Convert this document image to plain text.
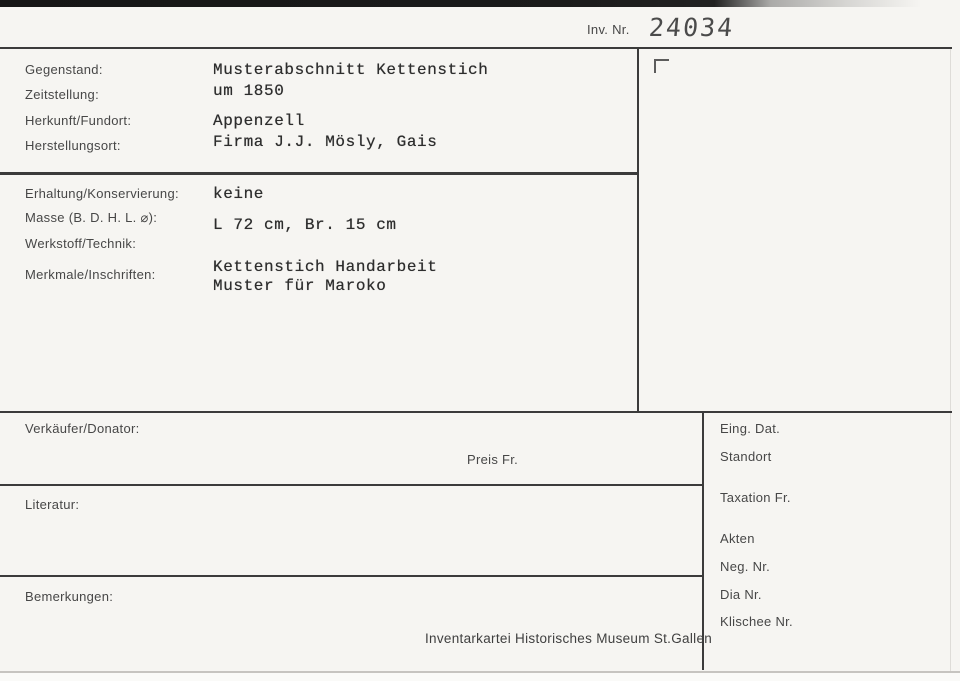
Inv. Nr. 24034
Gegenstand:
Zeitstellung:
Herkunft/Fundort:
Herstellungsort:
Musterabschnitt Kettenstich
um 1850
Appenzell
Firma J.J. Mösly, Gais
Erhaltung/Konservierung:
Masse (B. D. H. L. ⌀):
Werkstoff/Technik:
Merkmale/Inschriften:
keine
L 72 cm, Br. 15 cm
Kettenstich Handarbeit
Muster für Maroko
Verkäufer/Donator:
Preis Fr.
Literatur:
Bemerkungen:
Eing. Dat.
Standort
Taxation Fr.
Akten
Neg. Nr.
Dia Nr.
Klischee Nr.
Inventarkartei Historisches Museum St.Gallen
